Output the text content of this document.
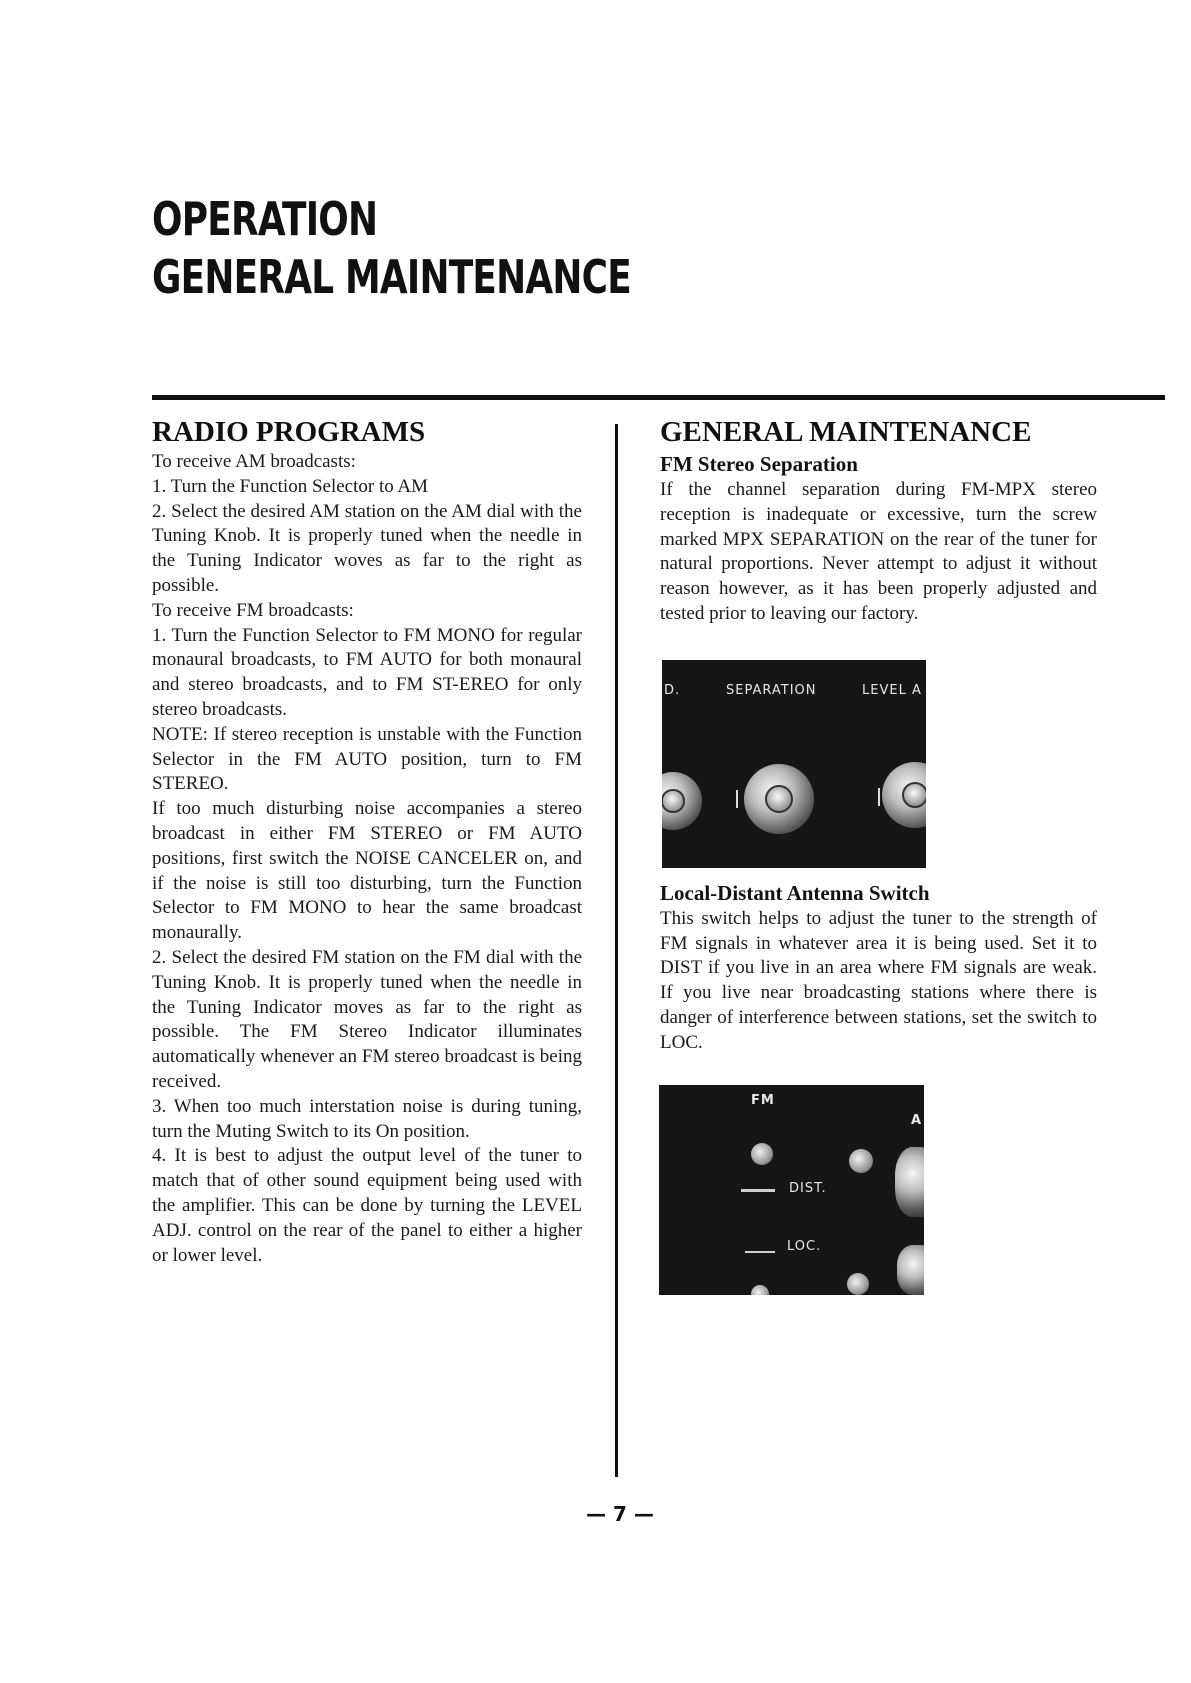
OPERATION
GENERAL MAINTENANCE
RADIO PROGRAMS

To receive AM broadcasts:

1. Turn the Function Selector to AM

2. Select the desired AM station on the AM dial with the Tuning Knob. It is properly tuned when the needle in the Tuning Indicator woves as far to the right as possible.

To receive FM broadcasts:

1. Turn the Function Selector to FM MONO for regular monaural broadcasts, to FM AUTO for both monaural and stereo broadcasts, and to FM ST-EREO for only stereo broadcasts.

NOTE: If stereo reception is unstable with the Function Selector in the FM AUTO position, turn to FM STEREO.

If too much disturbing noise accompanies a stereo broadcast in either FM STEREO or FM AUTO positions, first switch the NOISE CANCELER on, and if the noise is still too disturbing, turn the Function Selector to FM MONO to hear the same broadcast monaurally.

2. Select the desired FM station on the FM dial with the Tuning Knob. It is properly tuned when the needle in the Tuning Indicator moves as far to the right as possible. The FM Stereo Indicator illuminates automatically whenever an FM stereo broadcast is being received.

3. When too much interstation noise is during tuning, turn the Muting Switch to its On position.

4. It is best to adjust the output level of the tuner to match that of other sound equipment being used with the amplifier. This can be done by turning the LEVEL ADJ. control on the rear of the panel to either a higher or lower level.

GENERAL MAINTENANCE
FM Stereo Separation

If the channel separation during FM-MPX stereo reception is inadequate or excessive, turn the screw marked MPX SEPARATION on the rear of the tuner for natural proportions. Never attempt to adjust it without reason however, as it has been properly adjusted and tested prior to leaving our factory.

Local-Distant Antenna Switch

This switch helps to adjust the tuner to the strength of FM signals in whatever area it is being used. Set it to DIST if you live in an area where FM signals are weak. If you live near broadcasting stations where there is danger of interference between stations, set the switch to LOC.

D.	SEPARATION	LEVEL A
FM
A
DIST.
LOC.
— 7 —
